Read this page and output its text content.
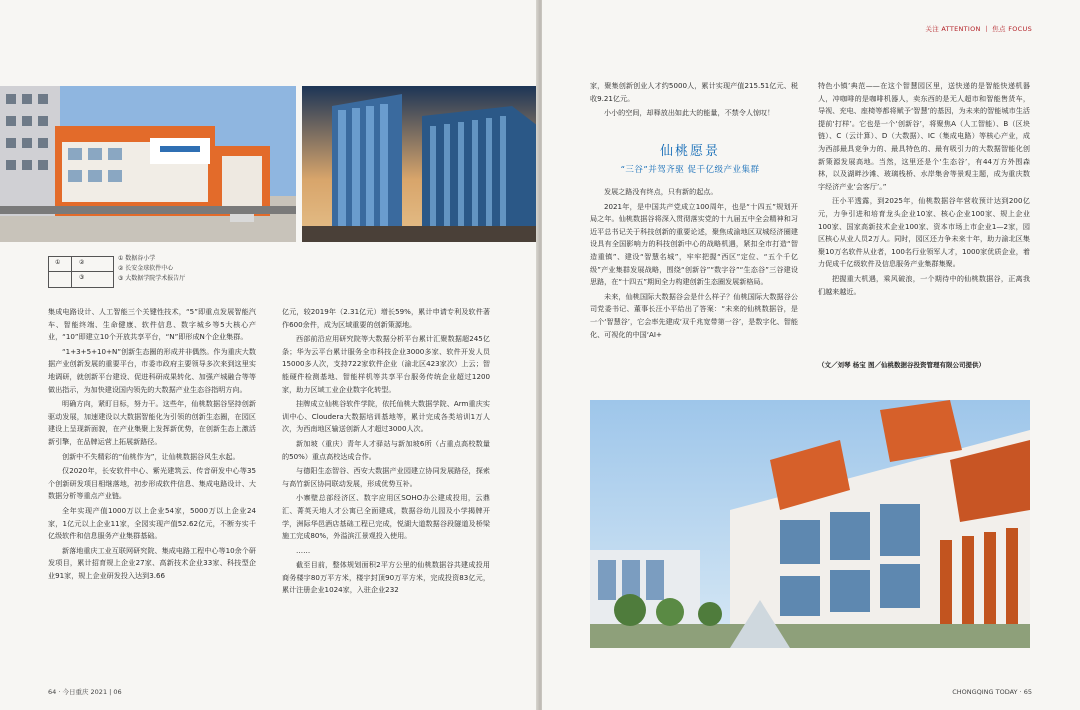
①	②
③
① 数据谷小学
② 长安金球软件中心
③ 大数据学院学术报告厅

集成电路设计、人工智能三个关键性技术，“5”即重点发展智能汽车、智能终端、生命健康、软件信息、数字城乡等5大核心产业，“10”即建立10个开放共享平台，“N”即形成N个企业集群。

“1+3+5+10+N”创新生态圈的形成并非偶然。作为重庆大数据产业创新发展的重要平台，市委市政府主要领导多次来到这里实地调研，就创新平台建设、促进科研成果转化、加强产城融合等等做出指示，为加快建设国内领先的大数据产业生态谷指明方向。

明确方向，紧盯目标，努力干。这些年，仙桃数据谷坚持创新驱动发展，加速建设以大数据智能化为引领的创新生态圈，在园区建设上呈现新面貌，在产业集聚上发挥新优势，在创新生态上激活新引擎，在品牌运营上拓展新路径。

创新中不失精彩的“仙桃作为”，让仙桃数据谷风生水起。

仅2020年，长安软件中心、紫光建筑云、传音研发中心等35个创新研发项目相继落地，初步形成软件信息、集成电路设计、大数据分析等重点产业链。

全年实现产值1000万以上企业54家，5000万以上企业24家，1亿元以上企业11家，全园实现产值52.62亿元，不断夯实千亿级软件和信息服务产业集群基础。

新落地重庆工业互联网研究院、集成电路工程中心等10余个研发项目，累计招育规上企业27家、高新技术企业33家、科技型企业91家，规上企业研发投入达到3.66

亿元，较2019年（2.31亿元）增长59%，累计申请专利及软件著作600余件，成为区域重要的创新策源地。

西部前沿应用研究院等大数据分析平台累计汇聚数据超245亿条；华为云平台累计服务全市科技企业3000多家、软件开发人员15000多人次，支持722家软件企业（渝北区423家次）上云；智能硬件检测基地、智能样机等共享平台服务传统企业超过1200家，助力区域工业企业数字化转型。

挂牌成立仙桃谷软件学院，依托仙桃大数据学院、Arm重庆实训中心、Cloudera大数据培训基地等，累计完成各类培训1万人次，为西南地区输送创新人才超过3000人次。

新加坡（重庆）青年人才驿站与新加坡6所（占重点高校数量的50%）重点高校达成合作。

与德阳生态智谷、西安大数据产业园建立协同发展路径，探索与高竹新区协同联动发展，形成优势互补。

小寨壁总部经济区、数字应用区SOHO办公建成投用，云鼎汇、菁英天地人才公寓已全面建成，数据谷幼儿园及小学揭牌开学，洲际华邑酒店基础工程已完成，悦湖大道数据谷段隧道及桥梁施工完成80%，外溢滨江景观投入使用。

……

截至目前，整体规划面积2平方公里的仙桃数据谷共建成投用商务楼宇80万平方米，楼宇封顶90万平方米，完成投资83亿元，累计注册企业1024家，入驻企业232

64 · 今日重庆 2021 | 06
关注 ATTENTION 丨 焦点 FOCUS

家，聚集创新创业人才约5000人，累计实现产值215.51亿元、税收9.21亿元。

小小的空间，却释放出如此大的能量，不禁令人惊叹！

仙桃愿景
“三谷”并驾齐驱 促千亿级产业集群

发展之路没有终点，只有新的起点。

2021年，是中国共产党成立100周年，也是“十四五”规划开局之年。仙桃数据谷将深入贯彻落实党的十九届五中全会精神和习近平总书记关于科技创新的重要论述，聚焦成渝地区双城经济圈建设具有全国影响力的科技创新中心的战略机遇，紧扣全市打造“智造重镇”、建设“智慧名城”，牢牢把握“西区”定位、“五个千亿级”产业集群发展战略，围绕“创新谷”“数字谷”“生态谷”三谷建设思路，在“十四五”期间全力构建创新生态圈发展新格局。

未来，仙桃国际大数据谷会是什么样子？仙桃国际大数据谷公司党委书记、董事长汪小平给出了答案：“未来的仙桃数据谷，是一个‘智慧谷’，它会率先建成‘双千兆宽带第一谷’，是数字化、智能化、可视化的中国‘AI+

特色小镇’典范——在这个智慧园区里，送快递的是智能快递机器人，冲咖啡的是咖啡机器人，卖东西的是无人超市和智能售货车，导视、充电、座椅等都将赋予‘智慧’的基因，为未来的智能城市生活提前‘打样’。它也是一个‘创新谷’，将聚焦A（人工智能）、B（区块链）、C（云计算）、D（大数据）、IC（集成电路）等核心产业，成为西部最具竞争力的、最具特色的、最有吸引力的大数据智能化创新策源发展高地。当然，这里还是个‘生态谷’，有44万方外围森林，以及湖畔沙滩、玻璃栈桥、水岸集舍等景观主题，成为重庆数字经济产业‘会客厅’。”

汪小平透露，到2025年，仙桃数据谷年营收预计达到200亿元，力争引进和培育龙头企业10家、核心企业100家、规上企业100家、国家高新技术企业100家、资本市场上市企业1—2家，园区核心从业人员2万人。同时，园区还力争未来十年，助力渝北区集聚10万名软件从业者，100名行业领军人才，1000家优质企业，着力促成千亿级软件及信息服务产业集群集聚。

把握重大机遇，乘风破浪，一个期待中的仙桃数据谷，正离我们越来越近。

（文／刘琴 杨宝 图／仙桃数据谷投资管理有限公司提供）
CHONGQING TODAY · 65
